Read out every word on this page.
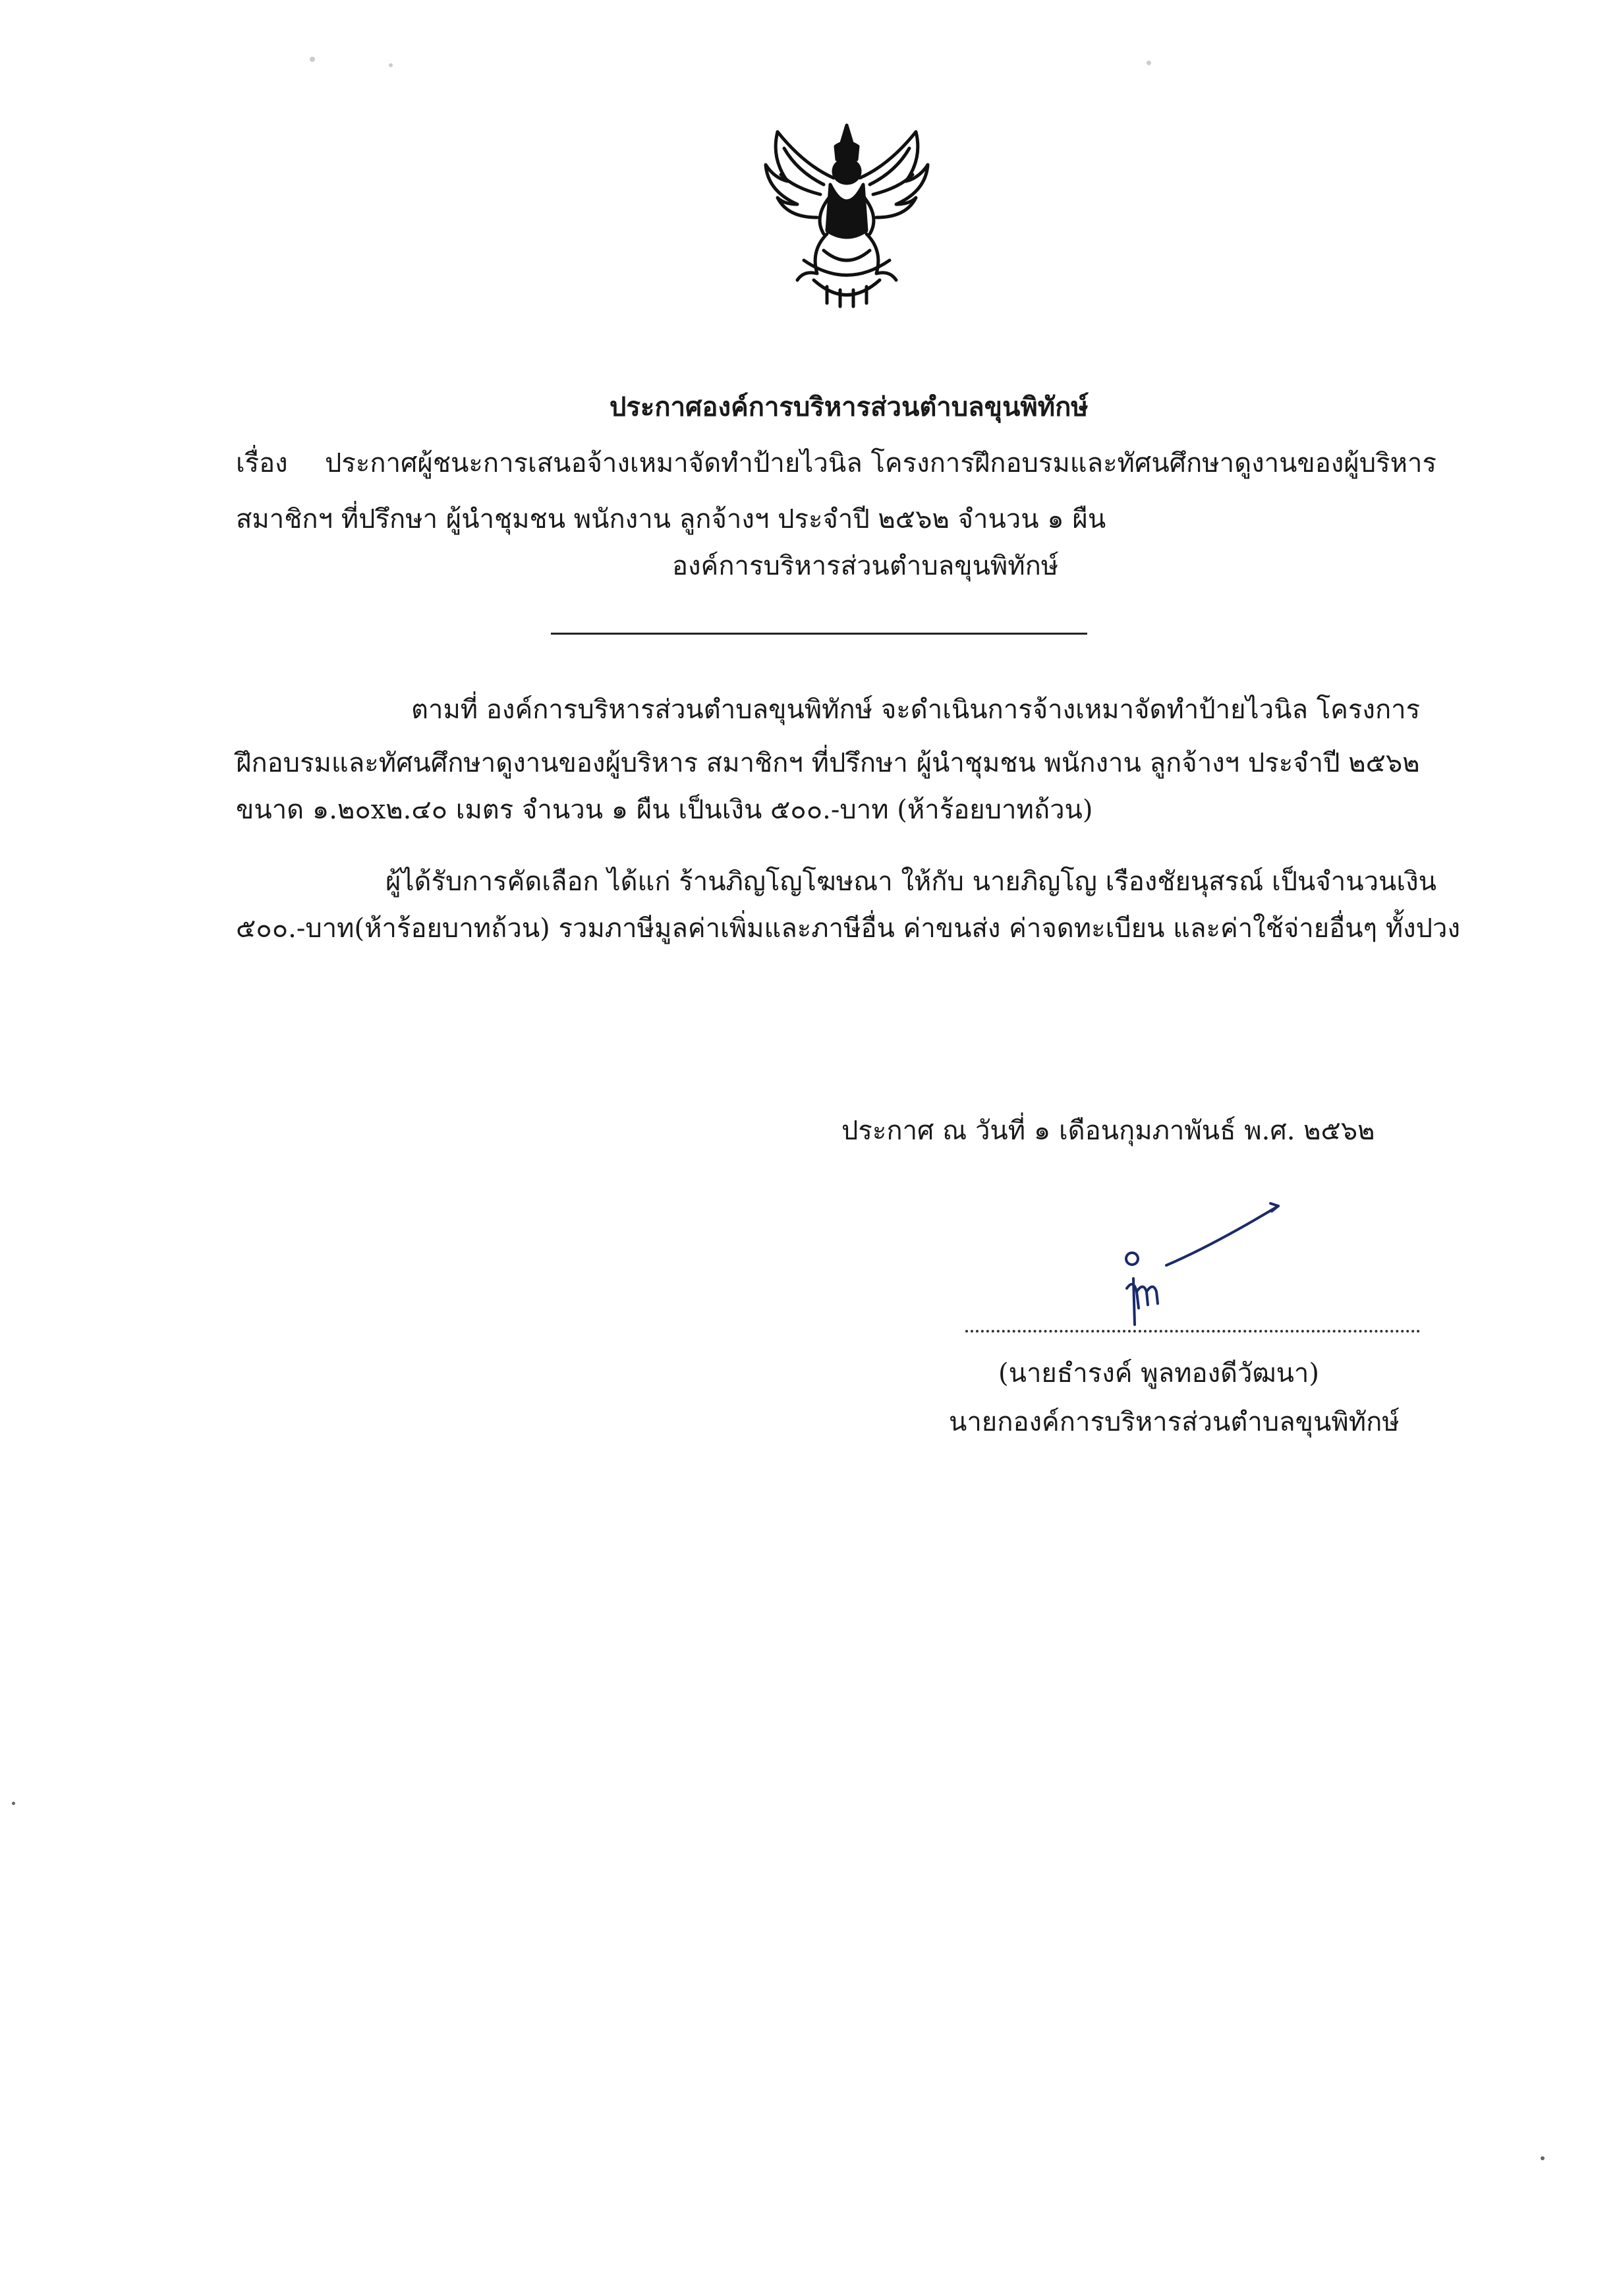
ประกาศองค์การบริหารส่วนตำบลขุนพิทักษ์
เรื่อง ประกาศผู้ชนะการเสนอจ้างเหมาจัดทำป้ายไวนิล โครงการฝึกอบรมและทัศนศึกษาดูงานของผู้บริหาร
สมาชิกฯ ที่ปรึกษา ผู้นำชุมชน พนักงาน ลูกจ้างฯ ประจำปี ๒๕๖๒ จำนวน ๑ ผืน
องค์การบริหารส่วนตำบลขุนพิทักษ์
ตามที่ องค์การบริหารส่วนตำบลขุนพิทักษ์ จะดำเนินการจ้างเหมาจัดทำป้ายไวนิล โครงการ
ฝึกอบรมและทัศนศึกษาดูงานของผู้บริหาร สมาชิกฯ ที่ปรึกษา ผู้นำชุมชน พนักงาน ลูกจ้างฯ ประจำปี ๒๕๖๒
ขนาด ๑.๒๐x๒.๔๐ เมตร จำนวน ๑ ผืน เป็นเงิน ๕๐๐.-บาท (ห้าร้อยบาทถ้วน)
ผู้ได้รับการคัดเลือก ได้แก่ ร้านภิญโญโฆษณา ให้กับ นายภิญโญ เรืองชัยนุสรณ์ เป็นจำนวนเงิน
๕๐๐.-บาท(ห้าร้อยบาทถ้วน) รวมภาษีมูลค่าเพิ่มและภาษีอื่น ค่าขนส่ง ค่าจดทะเบียน และค่าใช้จ่ายอื่นๆ ทั้งปวง
ประกาศ ณ วันที่ ๑ เดือนกุมภาพันธ์ พ.ศ. ๒๕๖๒
(นายธำรงค์ พูลทองดีวัฒนา)
นายกองค์การบริหารส่วนตำบลขุนพิทักษ์
